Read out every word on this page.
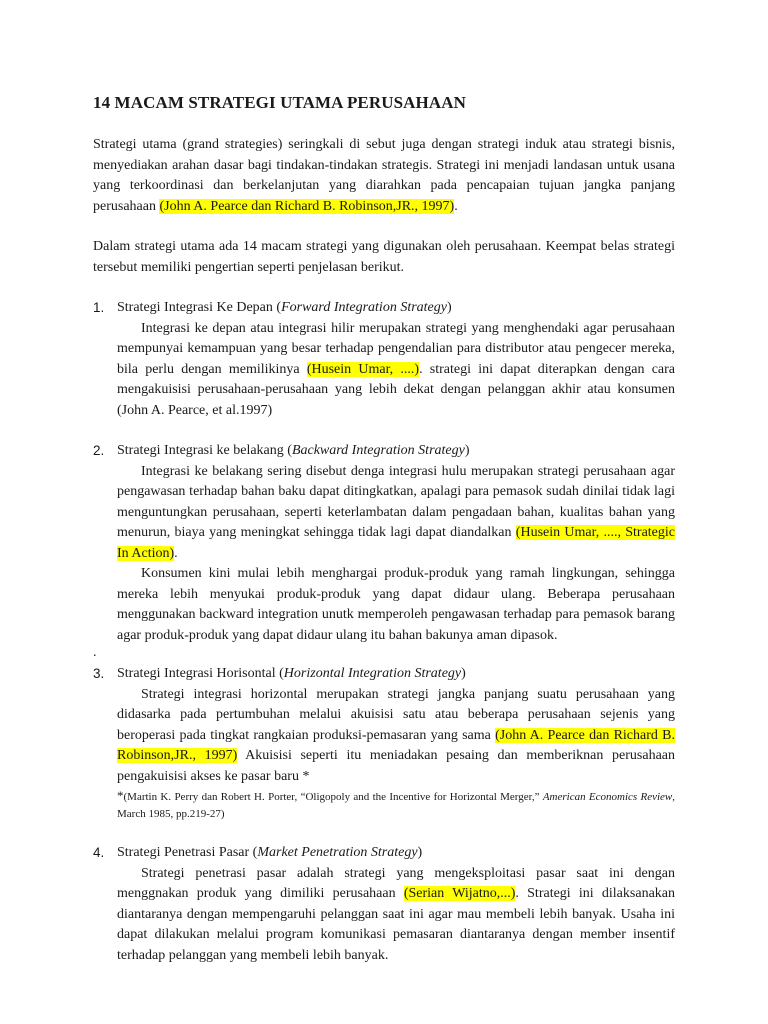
14 MACAM STRATEGI UTAMA PERUSAHAAN

Strategi utama (grand strategies) seringkali di sebut juga dengan strategi induk atau strategi bisnis, menyediakan arahan dasar bagi tindakan-tindakan strategis. Strategi ini menjadi landasan untuk usana yang terkoordinasi dan berkelanjutan yang diarahkan pada pencapaian tujuan jangka panjang perusahaan (John A. Pearce dan Richard B. Robinson,JR., 1997).

Dalam strategi utama ada 14 macam strategi yang digunakan oleh perusahaan. Keempat belas strategi tersebut memiliki pengertian seperti penjelasan berikut.

1. Strategi Integrasi Ke Depan (Forward Integration Strategy)

Integrasi ke depan atau integrasi hilir merupakan strategi yang menghendaki agar perusahaan mempunyai kemampuan yang besar terhadap pengendalian para distributor atau pengecer mereka, bila perlu dengan memilikinya (Husein Umar, ....). strategi ini dapat diterapkan dengan cara mengakuisisi perusahaan-perusahaan yang lebih dekat dengan pelanggan akhir atau konsumen (John A. Pearce, et al.1997)

2. Strategi Integrasi ke belakang (Backward Integration Strategy)

Integrasi ke belakang sering disebut denga integrasi hulu merupakan strategi perusahaan agar pengawasan terhadap bahan baku dapat ditingkatkan, apalagi para pemasok sudah dinilai tidak lagi menguntungkan perusahaan, seperti keterlambatan dalam pengadaan bahan, kualitas bahan yang menurun, biaya yang meningkat sehingga tidak lagi dapat diandalkan (Husein Umar, ...., Strategic In Action).

Konsumen kini mulai lebih menghargai produk-produk yang ramah lingkungan, sehingga mereka lebih menyukai produk-produk yang dapat didaur ulang. Beberapa perusahaan menggunakan backward integration unutk memperoleh pengawasan terhadap para pemasok barang agar produk-produk yang dapat didaur ulang itu bahan bakunya aman dipasok.

.
3. Strategi Integrasi Horisontal (Horizontal Integration Strategy)

Strategi integrasi horizontal merupakan strategi jangka panjang suatu perusahaan yang didasarka pada pertumbuhan melalui akuisisi satu atau beberapa perusahaan sejenis yang beroperasi pada tingkat rangkaian produksi-pemasaran yang sama (John A. Pearce dan Richard B. Robinson,JR., 1997) Akuisisi seperti itu meniadakan pesaing dan memberiknan perusahaan pengakuisisi akses ke pasar baru *

*(Martin K. Perry dan Robert H. Porter, “Oligopoly and the Incentive for Horizontal Merger,” American Economics Review, March 1985, pp.219-27)

4. Strategi Penetrasi Pasar (Market Penetration Strategy)

Strategi penetrasi pasar adalah strategi yang mengeksploitasi pasar saat ini dengan menggnakan produk yang dimiliki perusahaan (Serian Wijatno,...). Strategi ini dilaksanakan diantaranya dengan mempengaruhi pelanggan saat ini agar mau membeli lebih banyak. Usaha ini dapat dilakukan melalui program komunikasi pemasaran diantaranya dengan member insentif terhadap pelanggan yang membeli lebih banyak.
